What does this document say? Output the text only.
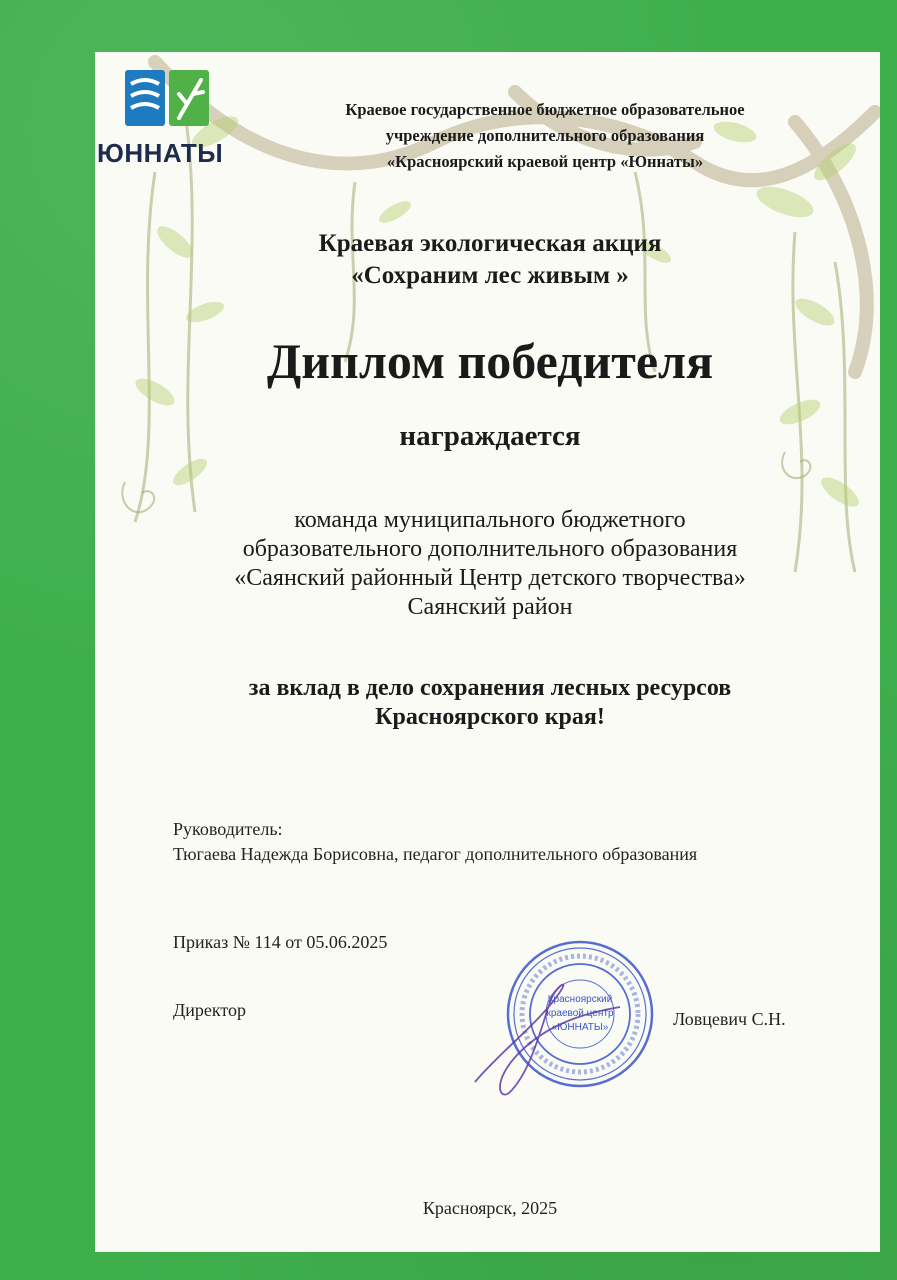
ЮННАТЫ
Краевое государственное бюджетное образовательное
учреждение дополнительного образования
«Красноярский краевой центр «Юннаты»
Краевая экологическая акция
«Сохраним лес живым »
Диплом победителя
награждается
команда муниципального бюджетного
образовательного дополнительного образования
«Саянский районный Центр детского творчества»
Саянский район
за вклад в дело сохранения лесных ресурсов
Красноярского края!
Руководитель:
Тюгаева Надежда Борисовна, педагог дополнительного образования
Приказ № 114 от 05.06.2025
Директор
Красноярский
краевой центр
«ЮННАТЫ»	Ловцевич С.Н.
Красноярск, 2025
